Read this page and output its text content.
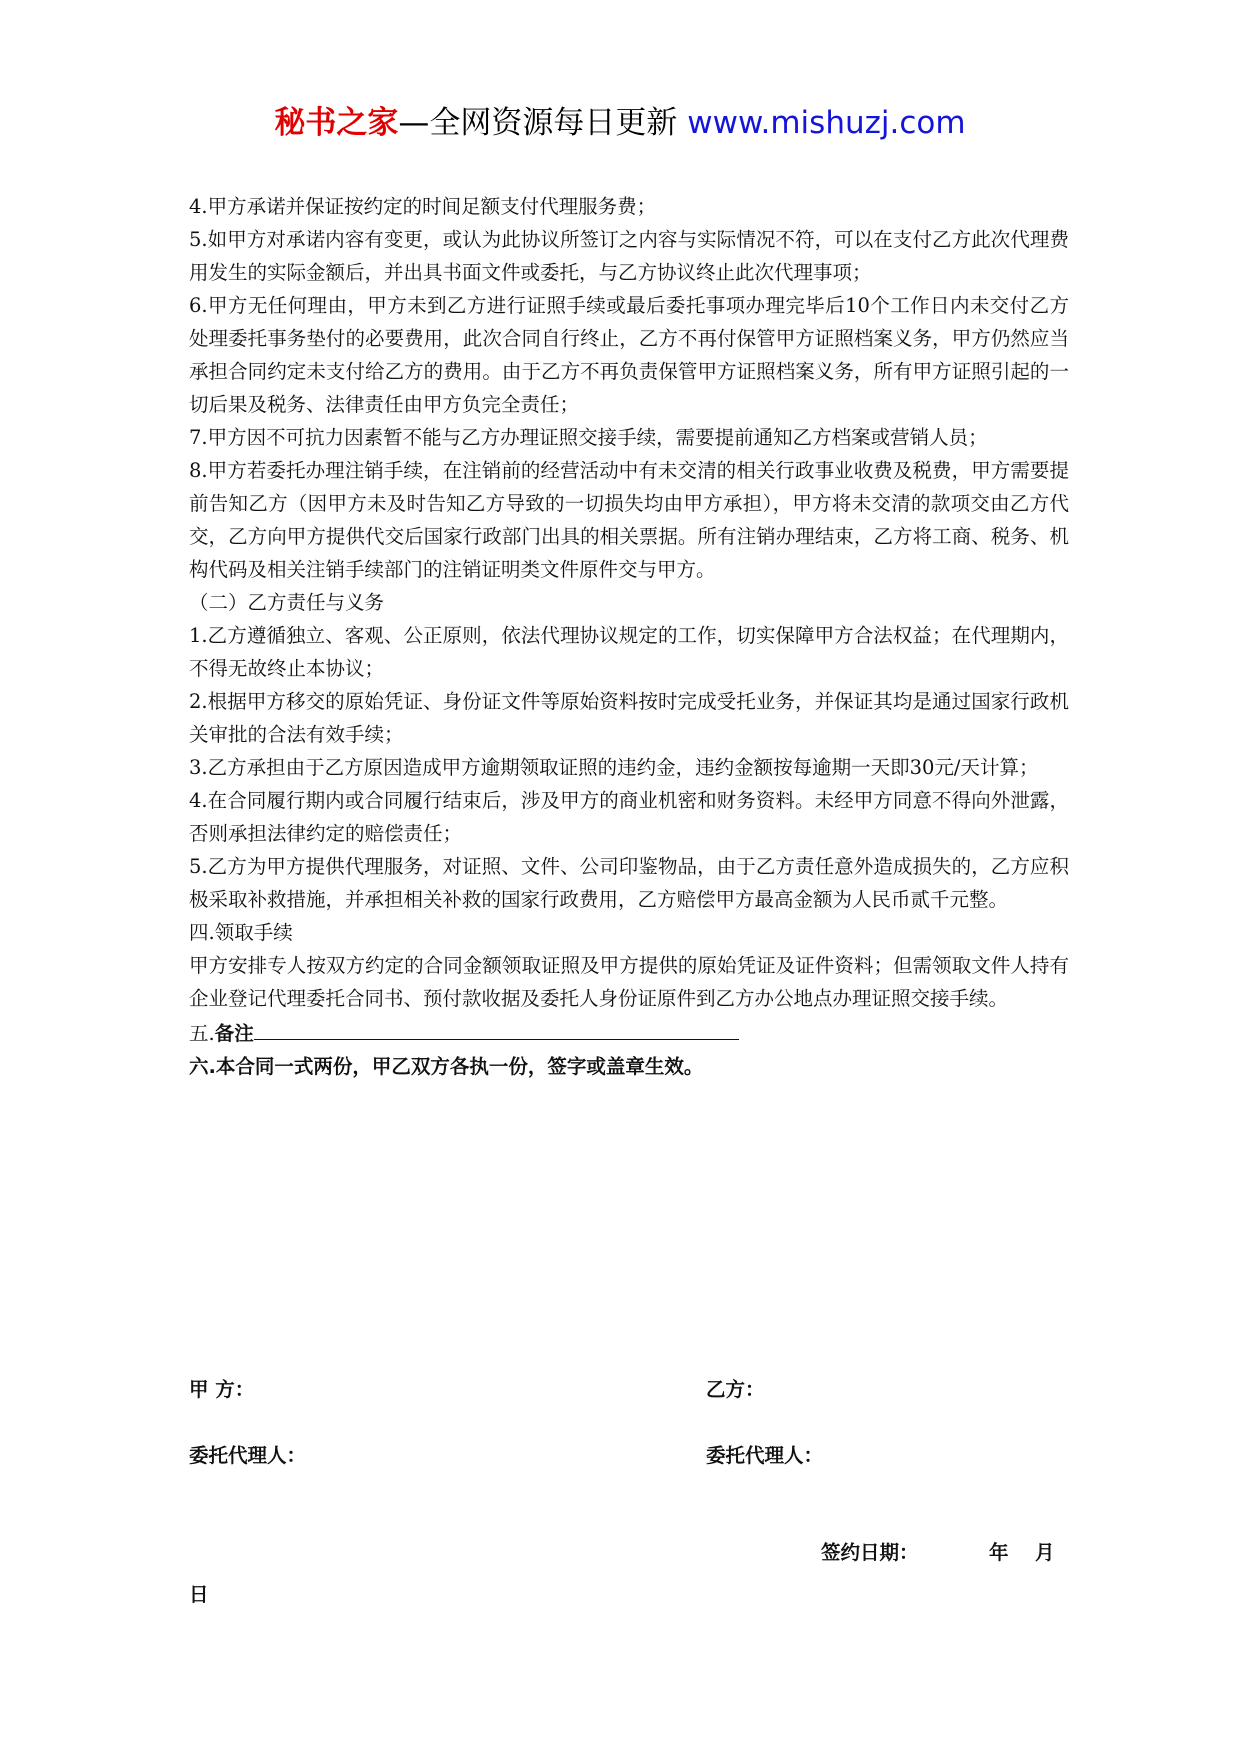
秘书之家—全网资源每日更新 www.mishuzj.com

4.甲方承诺并保证按约定的时间足额支付代理服务费；

5.如甲方对承诺内容有变更，或认为此协议所签订之内容与实际情况不符，可以在支付乙方此次代理费用发生的实际金额后，并出具书面文件或委托，与乙方协议终止此次代理事项；

6.甲方无任何理由，甲方未到乙方进行证照手续或最后委托事项办理完毕后10个工作日内未交付乙方处理委托事务垫付的必要费用，此次合同自行终止，乙方不再付保管甲方证照档案义务，甲方仍然应当承担合同约定未支付给乙方的费用。由于乙方不再负责保管甲方证照档案义务，所有甲方证照引起的一切后果及税务、法律责任由甲方负完全责任；

7.甲方因不可抗力因素暂不能与乙方办理证照交接手续，需要提前通知乙方档案或营销人员；

8.甲方若委托办理注销手续，在注销前的经营活动中有未交清的相关行政事业收费及税费，甲方需要提前告知乙方（因甲方未及时告知乙方导致的一切损失均由甲方承担），甲方将未交清的款项交由乙方代交，乙方向甲方提供代交后国家行政部门出具的相关票据。所有注销办理结束，乙方将工商、税务、机构代码及相关注销手续部门的注销证明类文件原件交与甲方。

（二）乙方责任与义务

1.乙方遵循独立、客观、公正原则，依法代理协议规定的工作，切实保障甲方合法权益；在代理期内，不得无故终止本协议；

2.根据甲方移交的原始凭证、身份证文件等原始资料按时完成受托业务，并保证其均是通过国家行政机关审批的合法有效手续；

3.乙方承担由于乙方原因造成甲方逾期领取证照的违约金，违约金额按每逾期一天即30元/天计算；

4.在合同履行期内或合同履行结束后，涉及甲方的商业机密和财务资料。未经甲方同意不得向外泄露，否则承担法律约定的赔偿责任；

5.乙方为甲方提供代理服务，对证照、文件、公司印鉴物品，由于乙方责任意外造成损失的，乙方应积极采取补救措施，并承担相关补救的国家行政费用，乙方赔偿甲方最高金额为人民币贰千元整。

四.领取手续

甲方安排专人按双方约定的合同金额领取证照及甲方提供的原始凭证及证件资料；但需领取文件人持有企业登记代理委托合同书、预付款收据及委托人身份证原件到乙方办公地点办理证照交接手续。

五.备注

六.本合同一式两份，甲乙双方各执一份，签字或盖章生效。

甲 方：	乙方：
委托代理人：	委托代理人：
签约日期：	年 月
日
